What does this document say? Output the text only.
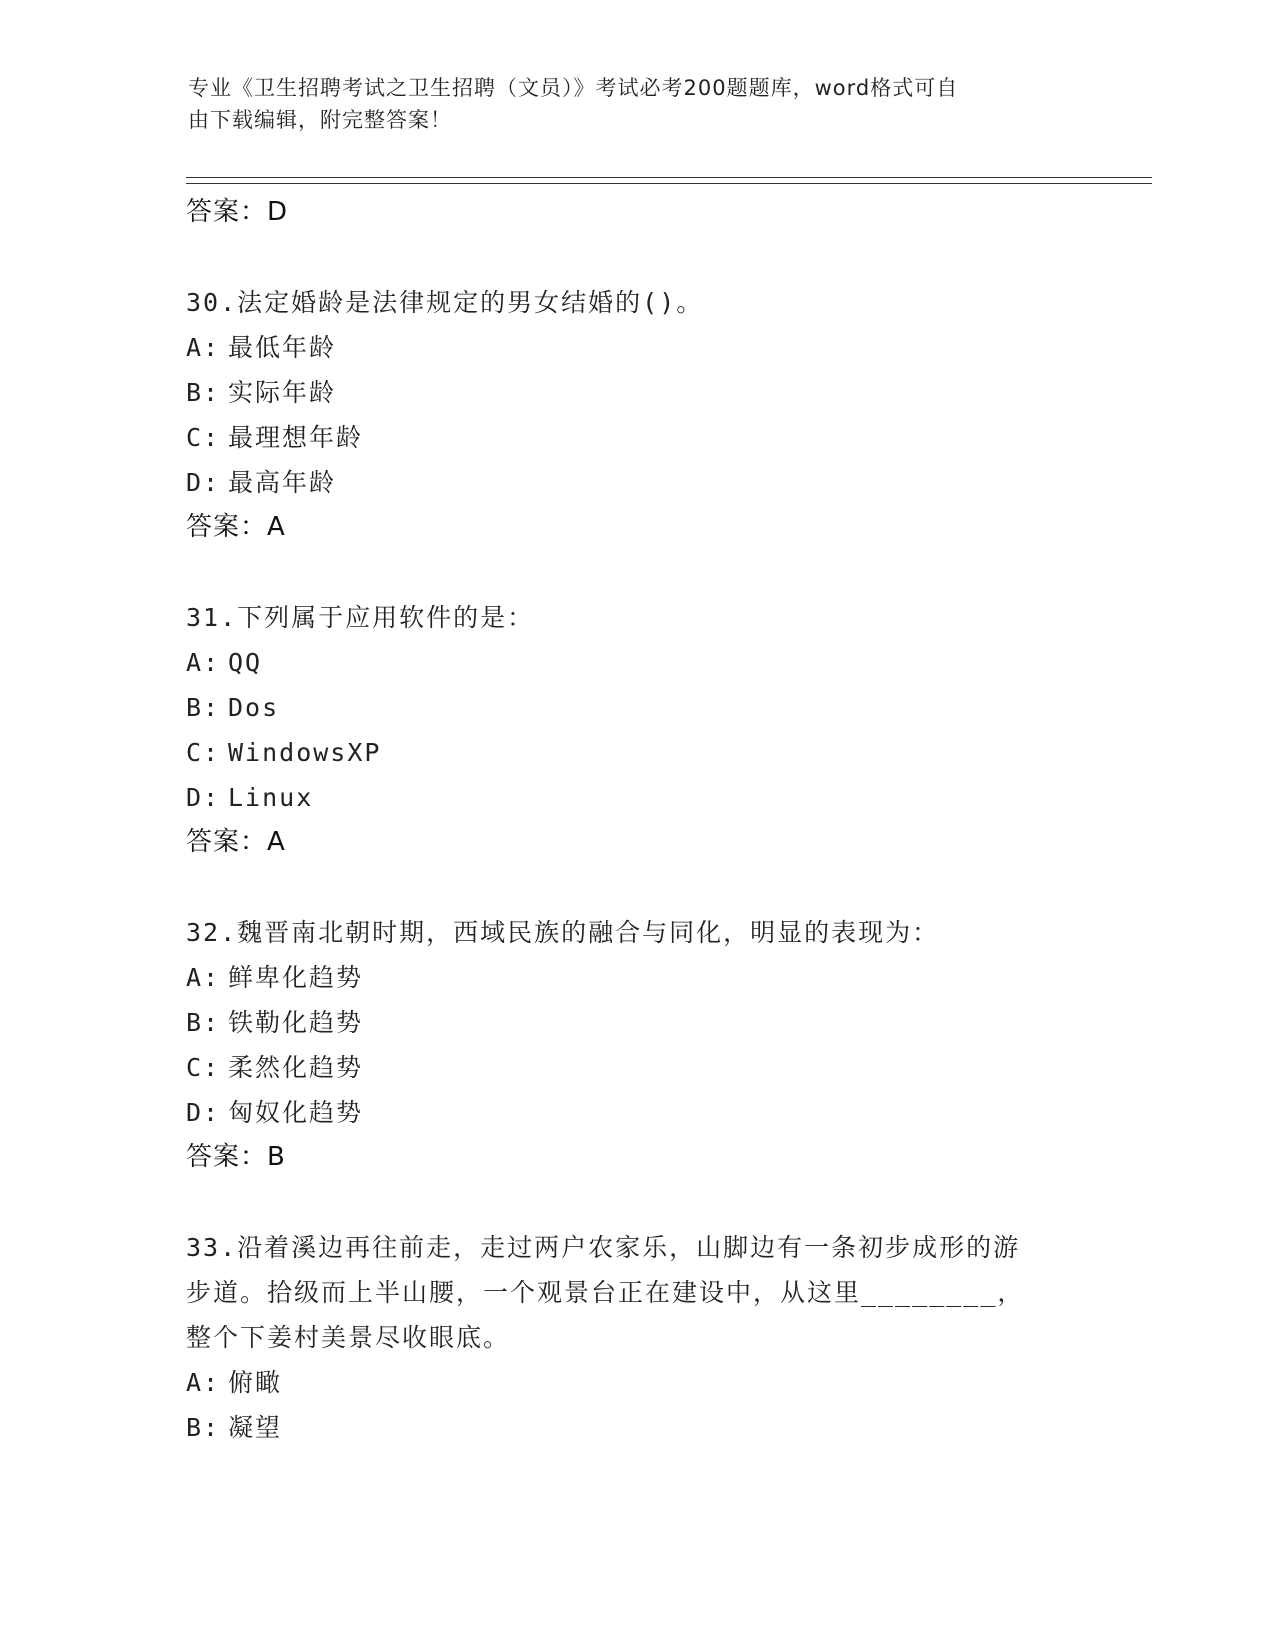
专业《卫生招聘考试之卫生招聘（文员）》考试必考200题题库，word格式可自
由下载编辑，附完整答案！
答案：D
30.法定婚龄是法律规定的男女结婚的()。
A: 最低年龄
B: 实际年龄
C: 最理想年龄
D: 最高年龄
答案：A
31.下列属于应用软件的是：
A: QQ
B: Dos
C: WindowsXP
D: Linux
答案：A
32.魏晋南北朝时期，西域民族的融合与同化，明显的表现为：
A: 鲜卑化趋势
B: 铁勒化趋势
C: 柔然化趋势
D: 匈奴化趋势
答案：B
33.沿着溪边再往前走，走过两户农家乐，山脚边有一条初步成形的游
步道。拾级而上半山腰，一个观景台正在建设中，从这里________，
整个下姜村美景尽收眼底。
A: 俯瞰
B: 凝望
